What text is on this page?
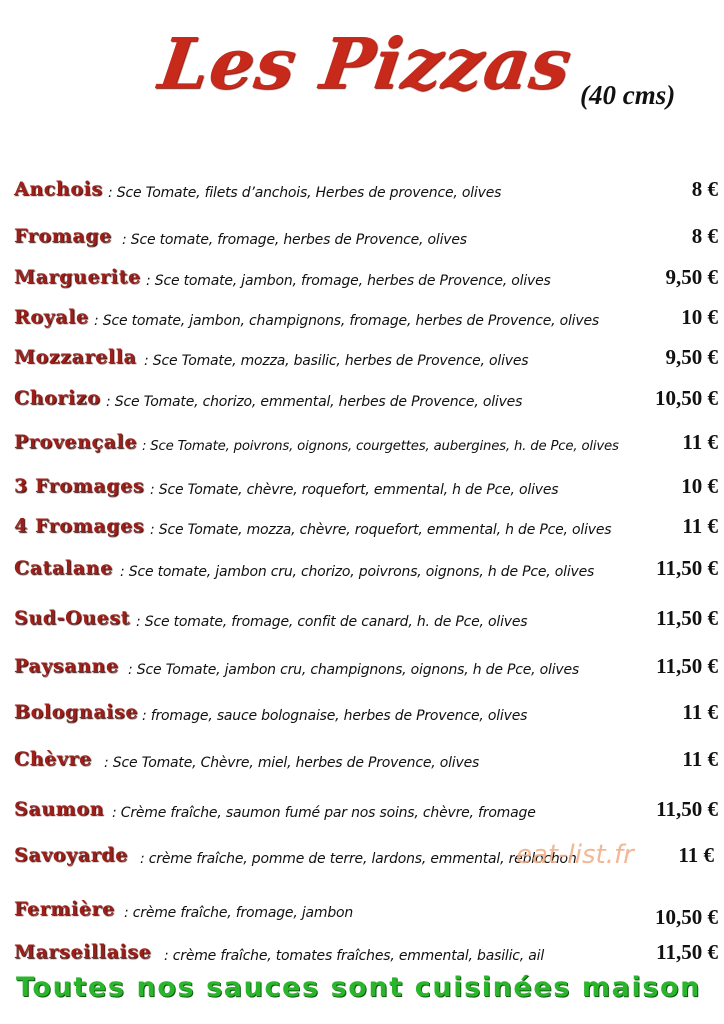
Les Pizzas (40 cms)
Anchois : Sce Tomate, filets d’anchois, Herbes de provence, olives	8 €
Fromage : Sce tomate, fromage, herbes de Provence, olives	8 €
Marguerite : Sce tomate, jambon, fromage, herbes de Provence, olives	9,50 €
Royale : Sce tomate, jambon, champignons, fromage, herbes de Provence, olives	10 €
Mozzarella : Sce Tomate, mozza, basilic, herbes de Provence, olives	9,50 €
Chorizo : Sce Tomate, chorizo, emmental, herbes de Provence, olives	10,50 €
Provençale : Sce Tomate, poivrons, oignons, courgettes, aubergines, h. de Pce, olives	11 €
3 Fromages : Sce Tomate, chèvre, roquefort, emmental, h de Pce, olives	10 €
4 Fromages : Sce Tomate, mozza, chèvre, roquefort, emmental, h de Pce, olives	11 €
Catalane : Sce tomate, jambon cru, chorizo, poivrons, oignons, h de Pce, olives	11,50 €
Sud-Ouest : Sce tomate, fromage, confit de canard, h. de Pce, olives	11,50 €
Paysanne : Sce Tomate, jambon cru, champignons, oignons, h de Pce, olives	11,50 €
Bolognaise : fromage, sauce bolognaise, herbes de Provence, olives	11 €
Chèvre : Sce Tomate, Chèvre, miel, herbes de Provence, olives	11 €
Saumon : Crème fraîche, saumon fumé par nos soins, chèvre, fromage	11,50 €
Savoyarde : crème fraîche, pomme de terre, lardons, emmental, reblochon	11 €
Fermière : crème fraîche, fromage, jambon	10,50 €
Marseillaise : crème fraîche, tomates fraîches, emmental, basilic, ail	11,50 €
eat-list.fr
Toutes nos sauces sont cuisinées maison
